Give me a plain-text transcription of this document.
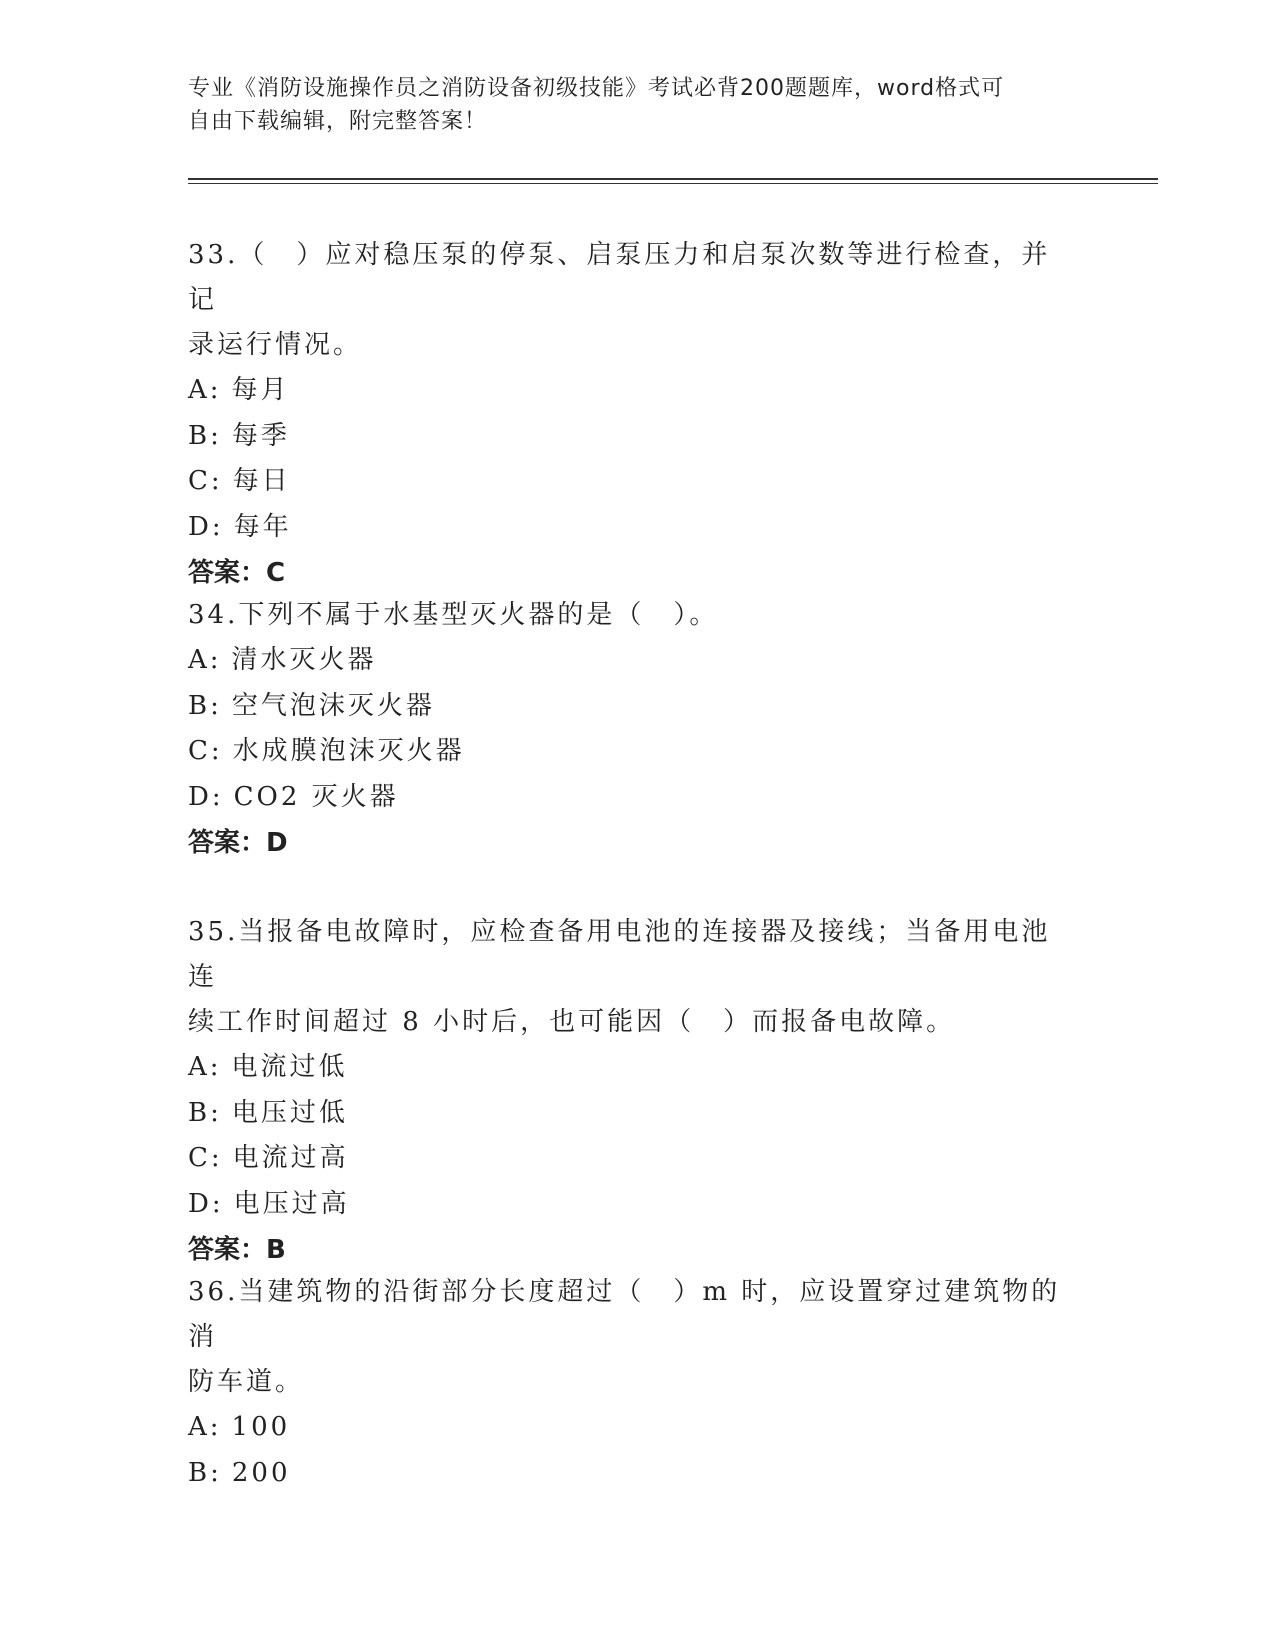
专业《消防设施操作员之消防设备初级技能》考试必背200题题库，word格式可
自由下载编辑，附完整答案！

33.（　）应对稳压泵的停泵、启泵压力和启泵次数等进行检查，并记

录运行情况。

A: 每月

B: 每季

C: 每日

D: 每年

答案：C

34.下列不属于水基型灭火器的是（　）。

A: 清水灭火器

B: 空气泡沫灭火器

C: 水成膜泡沫灭火器

D: CO2 灭火器

答案：D

35.当报备电故障时，应检查备用电池的连接器及接线；当备用电池连

续工作时间超过 8 小时后，也可能因（　）而报备电故障。

A: 电流过低

B: 电压过低

C: 电流过高

D: 电压过高

答案：B

36.当建筑物的沿街部分长度超过（　）m 时，应设置穿过建筑物的消

防车道。

A: 100

B: 200
